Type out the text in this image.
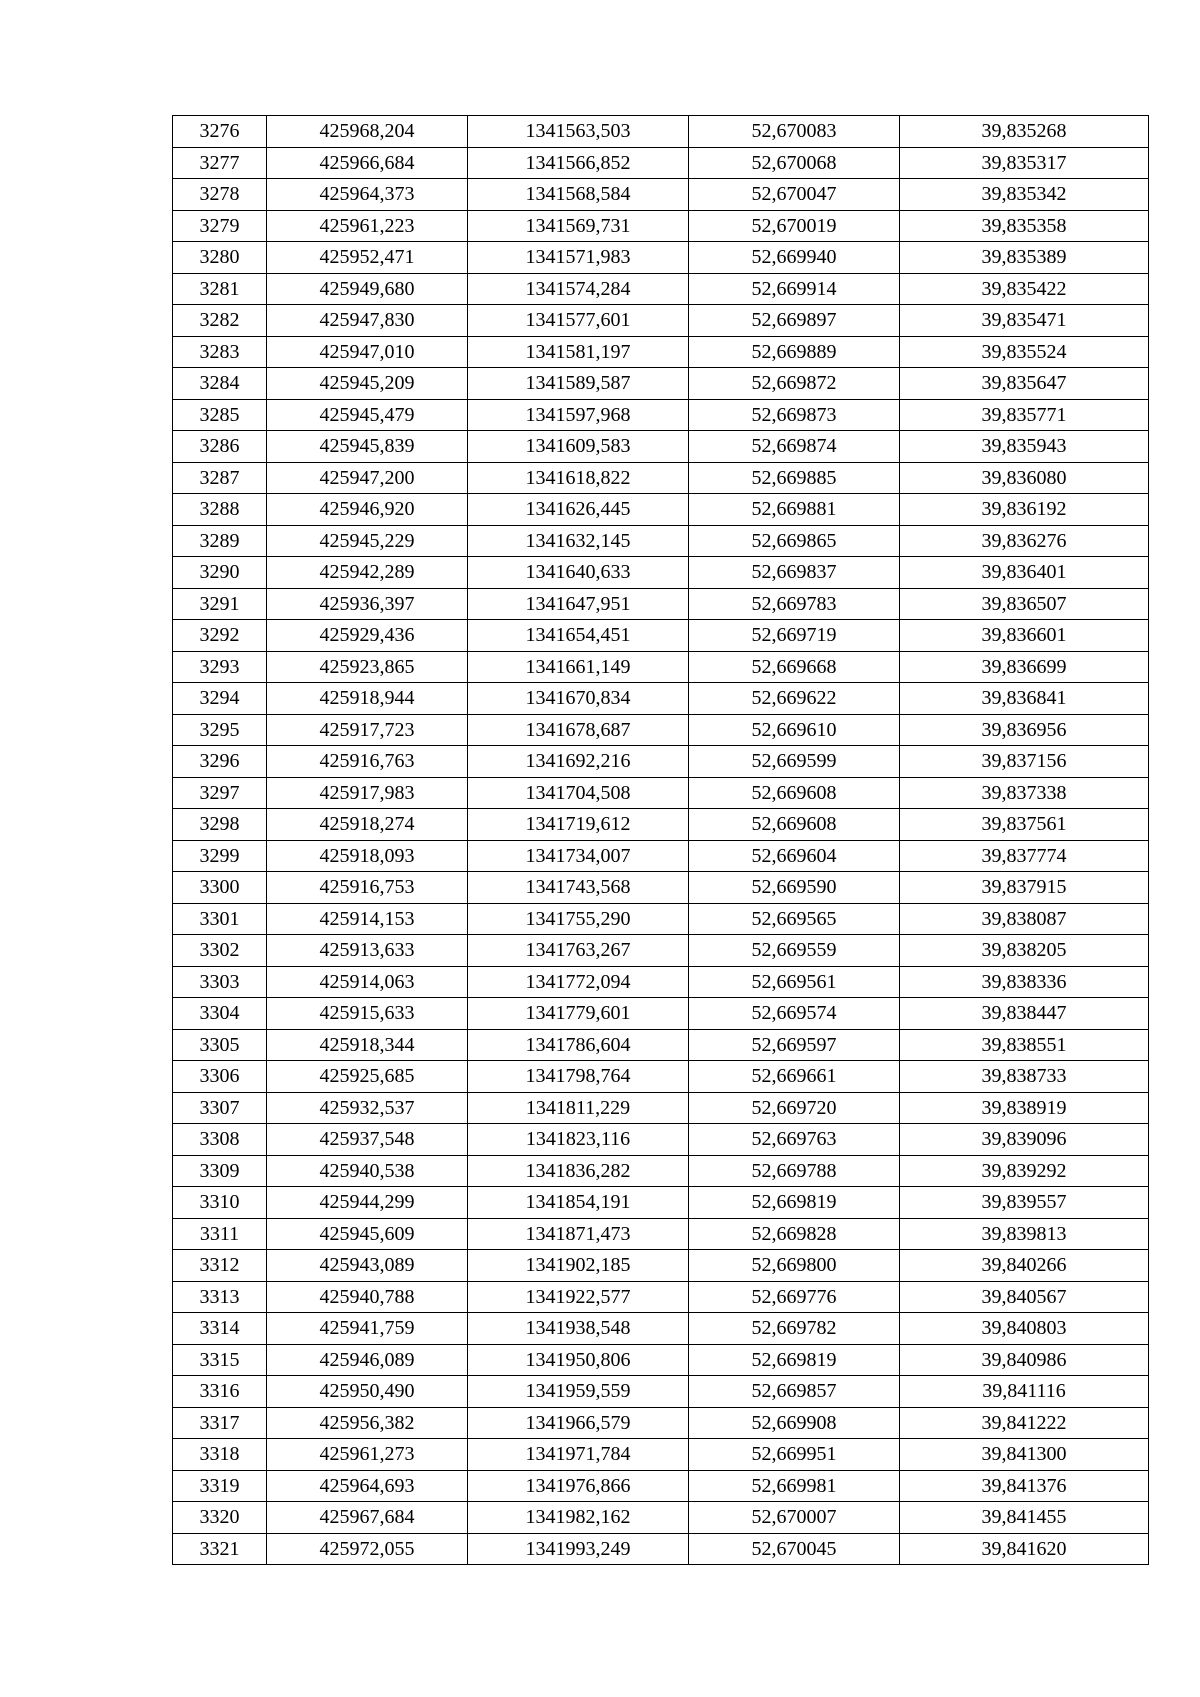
3276	425968,204	1341563,503	52,670083	39,835268
3277	425966,684	1341566,852	52,670068	39,835317
3278	425964,373	1341568,584	52,670047	39,835342
3279	425961,223	1341569,731	52,670019	39,835358
3280	425952,471	1341571,983	52,669940	39,835389
3281	425949,680	1341574,284	52,669914	39,835422
3282	425947,830	1341577,601	52,669897	39,835471
3283	425947,010	1341581,197	52,669889	39,835524
3284	425945,209	1341589,587	52,669872	39,835647
3285	425945,479	1341597,968	52,669873	39,835771
3286	425945,839	1341609,583	52,669874	39,835943
3287	425947,200	1341618,822	52,669885	39,836080
3288	425946,920	1341626,445	52,669881	39,836192
3289	425945,229	1341632,145	52,669865	39,836276
3290	425942,289	1341640,633	52,669837	39,836401
3291	425936,397	1341647,951	52,669783	39,836507
3292	425929,436	1341654,451	52,669719	39,836601
3293	425923,865	1341661,149	52,669668	39,836699
3294	425918,944	1341670,834	52,669622	39,836841
3295	425917,723	1341678,687	52,669610	39,836956
3296	425916,763	1341692,216	52,669599	39,837156
3297	425917,983	1341704,508	52,669608	39,837338
3298	425918,274	1341719,612	52,669608	39,837561
3299	425918,093	1341734,007	52,669604	39,837774
3300	425916,753	1341743,568	52,669590	39,837915
3301	425914,153	1341755,290	52,669565	39,838087
3302	425913,633	1341763,267	52,669559	39,838205
3303	425914,063	1341772,094	52,669561	39,838336
3304	425915,633	1341779,601	52,669574	39,838447
3305	425918,344	1341786,604	52,669597	39,838551
3306	425925,685	1341798,764	52,669661	39,838733
3307	425932,537	1341811,229	52,669720	39,838919
3308	425937,548	1341823,116	52,669763	39,839096
3309	425940,538	1341836,282	52,669788	39,839292
3310	425944,299	1341854,191	52,669819	39,839557
3311	425945,609	1341871,473	52,669828	39,839813
3312	425943,089	1341902,185	52,669800	39,840266
3313	425940,788	1341922,577	52,669776	39,840567
3314	425941,759	1341938,548	52,669782	39,840803
3315	425946,089	1341950,806	52,669819	39,840986
3316	425950,490	1341959,559	52,669857	39,841116
3317	425956,382	1341966,579	52,669908	39,841222
3318	425961,273	1341971,784	52,669951	39,841300
3319	425964,693	1341976,866	52,669981	39,841376
3320	425967,684	1341982,162	52,670007	39,841455
3321	425972,055	1341993,249	52,670045	39,841620
